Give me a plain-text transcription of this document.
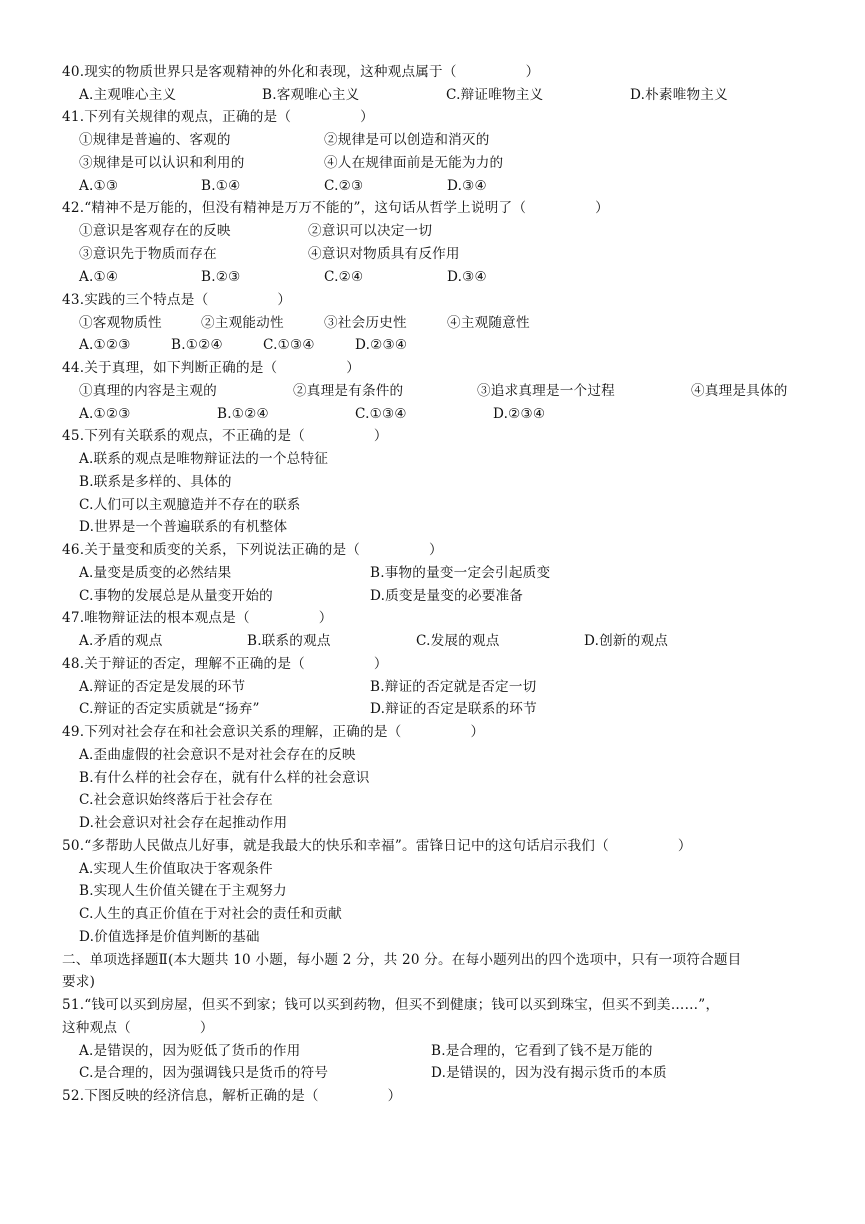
40.现实的物质世界只是客观精神的外化和表现，这种观点属于（　　　　　）
A.主观唯心主义	B.客观唯心主义	C.辩证唯物主义	D.朴素唯物主义
41.下列有关规律的观点，正确的是（　　　　　）
①规律是普遍的、客观的	②规律是可以创造和消灭的
③规律是可以认识和利用的	④人在规律面前是无能为力的
A.①③	B.①④	C.②③	D.③④
42.“精神不是万能的，但没有精神是万万不能的”，这句话从哲学上说明了（　　　　　）
①意识是客观存在的反映	②意识可以决定一切
③意识先于物质而存在	④意识对物质具有反作用
A.①④	B.②③	C.②④	D.③④
43.实践的三个特点是（　　　　　）
①客观物质性	②主观能动性	③社会历史性	④主观随意性
A.①②③	B.①②④	C.①③④	D.②③④
44.关于真理，如下判断正确的是（　　　　　）
①真理的内容是主观的	②真理是有条件的	③追求真理是一个过程	④真理是具体的
A.①②③	B.①②④	C.①③④	D.②③④
45.下列有关联系的观点，不正确的是（　　　　　）
A.联系的观点是唯物辩证法的一个总特征
B.联系是多样的、具体的
C.人们可以主观臆造并不存在的联系
D.世界是一个普遍联系的有机整体
46.关于量变和质变的关系，下列说法正确的是（　　　　　）
A.量变是质变的必然结果	B.事物的量变一定会引起质变
C.事物的发展总是从量变开始的	D.质变是量变的必要准备
47.唯物辩证法的根本观点是（　　　　　）
A.矛盾的观点	B.联系的观点	C.发展的观点	D.创新的观点
48.关于辩证的否定，理解不正确的是（　　　　　）
A.辩证的否定是发展的环节	B.辩证的否定就是否定一切
C.辩证的否定实质就是“扬弃”	D.辩证的否定是联系的环节
49.下列对社会存在和社会意识关系的理解，正确的是（　　　　　）
A.歪曲虚假的社会意识不是对社会存在的反映
B.有什么样的社会存在，就有什么样的社会意识
C.社会意识始终落后于社会存在
D.社会意识对社会存在起推动作用
50.“多帮助人民做点儿好事，就是我最大的快乐和幸福”。雷锋日记中的这句话启示我们（　　　　　）
A.实现人生价值取决于客观条件
B.实现人生价值关键在于主观努力
C.人生的真正价值在于对社会的责任和贡献
D.价值选择是价值判断的基础
二、单项选择题Ⅱ(本大题共 10 小题，每小题 2 分，共 20 分。在每小题列出的四个选项中，只有一项符合题目
要求)
51.“钱可以买到房屋，但买不到家；钱可以买到药物，但买不到健康；钱可以买到珠宝，但买不到美……”，
这种观点（　　　　　）
A.是错误的，因为贬低了货币的作用	B.是合理的，它看到了钱不是万能的
C.是合理的，因为强调钱只是货币的符号	D.是错误的，因为没有揭示货币的本质
52.下图反映的经济信息，解析正确的是（　　　　　）
